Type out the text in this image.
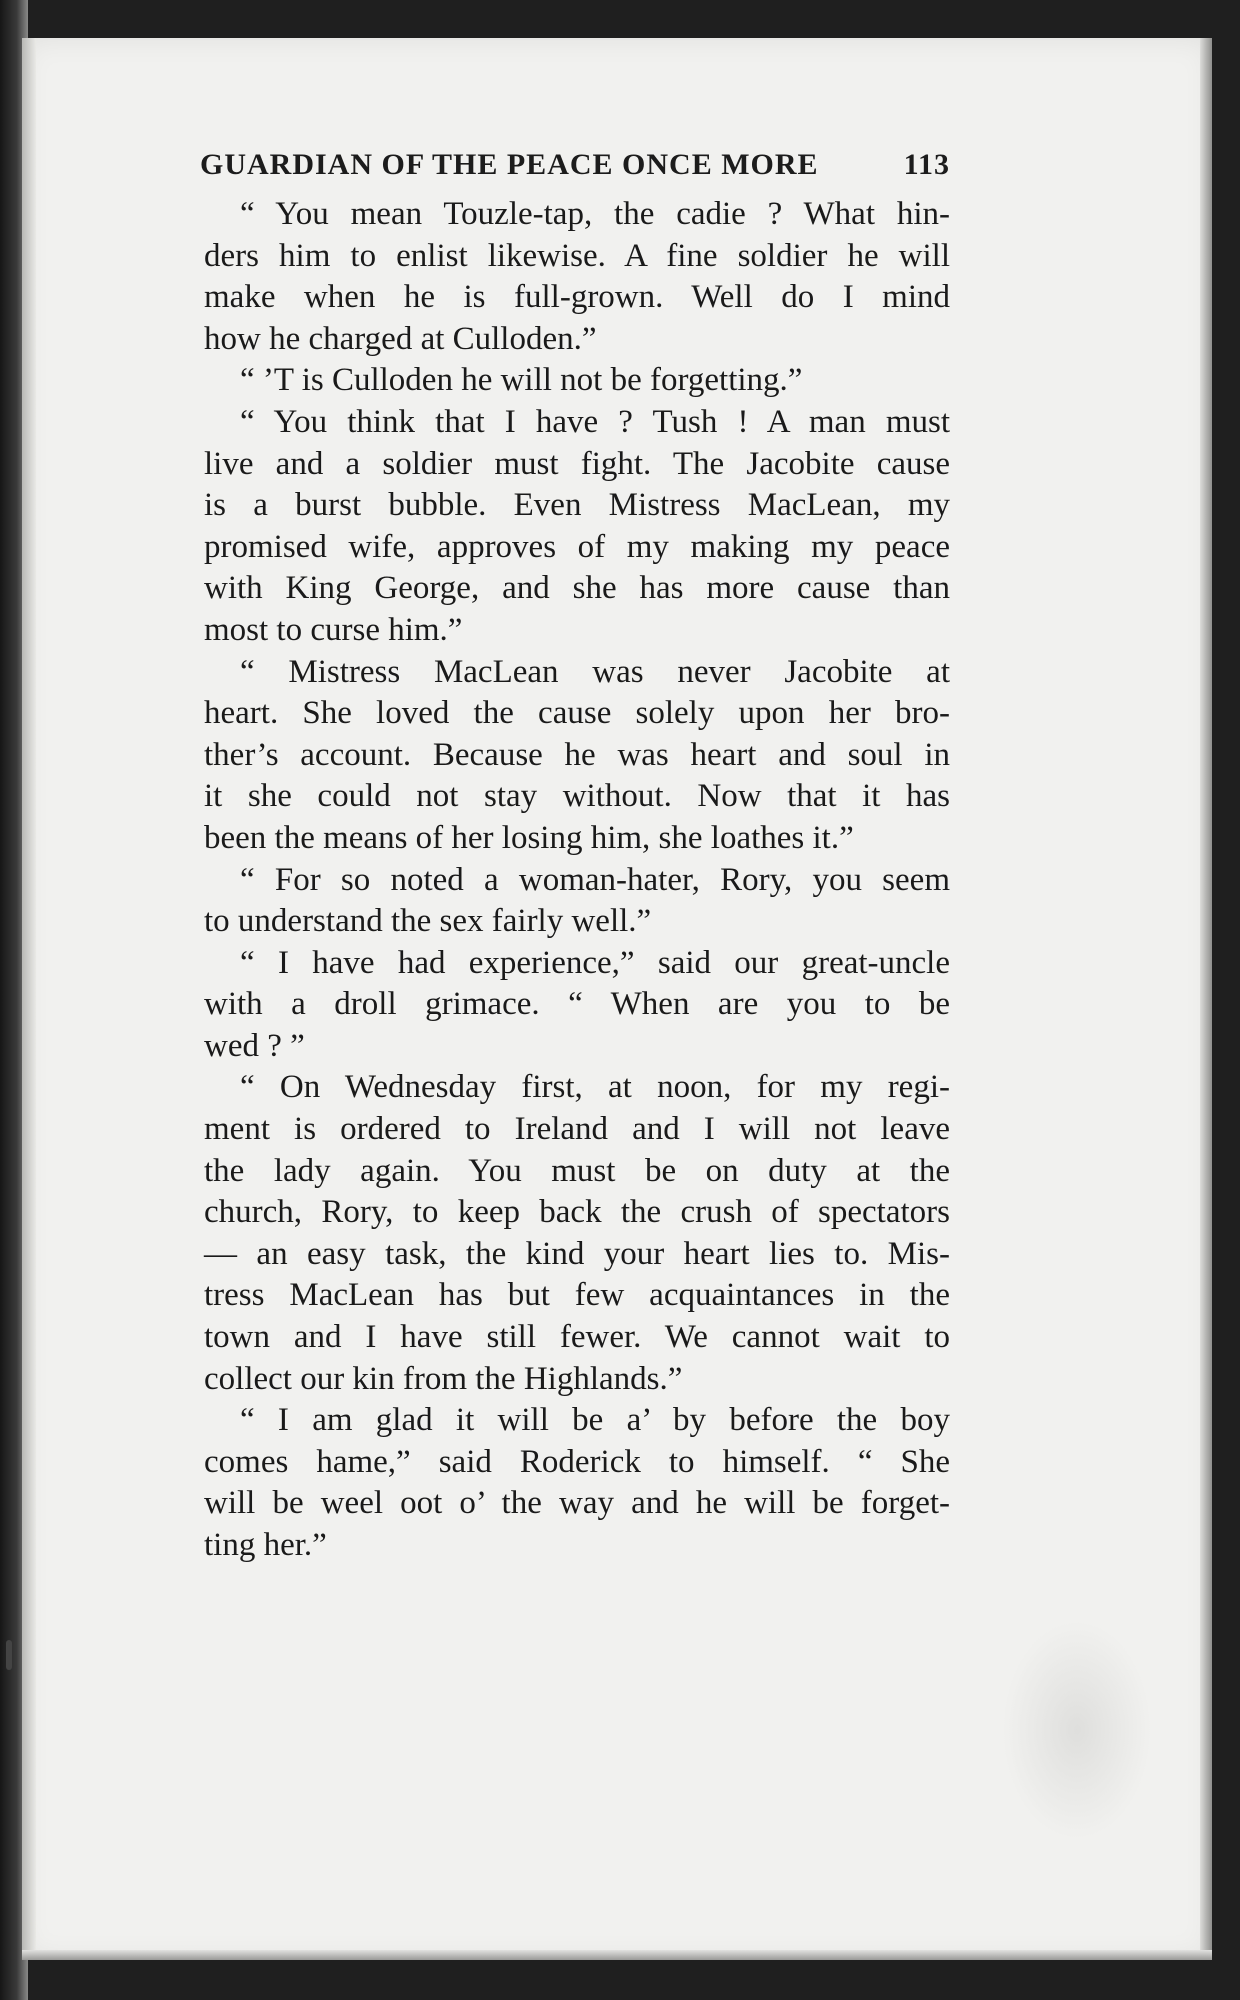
GUARDIAN OF THE PEACE ONCE MORE	113
“ You mean Touzle-tap, the cadie ? What hin-
ders him to enlist likewise. A fine soldier he will
make when he is full-grown. Well do I mind
how he charged at Culloden.”
“ ’T is Culloden he will not be forgetting.”
“ You think that I have ? Tush ! A man must
live and a soldier must fight. The Jacobite cause
is a burst bubble. Even Mistress MacLean, my
promised wife, approves of my making my peace
with King George, and she has more cause than
most to curse him.”
“ Mistress MacLean was never Jacobite at
heart. She loved the cause solely upon her bro-
ther’s account. Because he was heart and soul in
it she could not stay without. Now that it has
been the means of her losing him, she loathes it.”
“ For so noted a woman-hater, Rory, you seem
to understand the sex fairly well.”
“ I have had experience,” said our great-uncle
with a droll grimace. “ When are you to be
wed ? ”
“ On Wednesday first, at noon, for my regi-
ment is ordered to Ireland and I will not leave
the lady again. You must be on duty at the
church, Rory, to keep back the crush of spectators
— an easy task, the kind your heart lies to. Mis-
tress MacLean has but few acquaintances in the
town and I have still fewer. We cannot wait to
collect our kin from the Highlands.”
“ I am glad it will be a’ by before the boy
comes hame,” said Roderick to himself. “ She
will be weel oot o’ the way and he will be forget-
ting her.”
